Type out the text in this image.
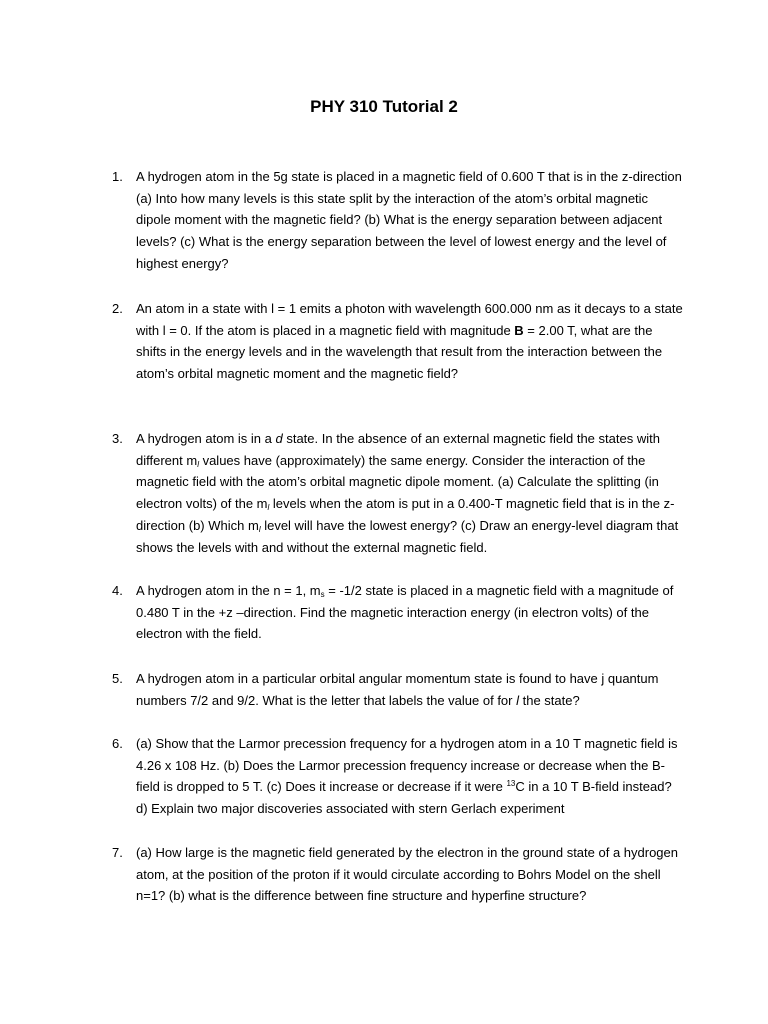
PHY 310 Tutorial 2
1.	A hydrogen atom in the 5g state is placed in a magnetic field of 0.600 T that is in the z-direction (a) Into how many levels is this state split by the interaction of the atom’s orbital magnetic dipole moment with the magnetic field? (b) What is the energy separation between adjacent levels? (c) What is the energy separation between the level of lowest energy and the level of highest energy?
2.	An atom in a state with l = 1 emits a photon with wavelength 600.000 nm as it decays to a state with l = 0. If the atom is placed in a magnetic field with magnitude B = 2.00 T, what are the shifts in the energy levels and in the wavelength that result from the interaction between the atom’s orbital magnetic moment and the magnetic field?
3.	A hydrogen atom is in a d state. In the absence of an external magnetic field the states with different $m_l$ values have (approximately) the same energy. Consider the interaction of the magnetic field with the atom’s orbital magnetic dipole moment. (a) Calculate the splitting (in electron volts) of the $m_l$ levels when the atom is put in a 0.400-T magnetic field that is in the z-direction (b) Which $m_l$ level will have the lowest energy? (c) Draw an energy-level diagram that shows the levels with and without the external magnetic field.
4.	A hydrogen atom in the n = 1, $m_s = -1/2$ state is placed in a magnetic field with a magnitude of 0.480 T in the +z –direction. Find the magnetic interaction energy (in electron volts) of the electron with the field.
5.	A hydrogen atom in a particular orbital angular momentum state is found to have j quantum numbers 7/2 and 9/2. What is the letter that labels the value of for l the state?
6.	(a) Show that the Larmor precession frequency for a hydrogen atom in a 10 T magnetic field is 4.26 x 108 Hz. (b) Does the Larmor precession frequency increase or decrease when the B-field is dropped to 5 T. (c) Does it increase or decrease if it were $^{13}$C in a 10 T B-field instead? d) Explain two major discoveries associated with stern Gerlach experiment
7.	(a) How large is the magnetic field generated by the electron in the ground state of a hydrogen atom, at the position of the proton if it would circulate according to Bohrs Model on the shell n=1? (b) what is the difference between fine structure and hyperfine structure?
